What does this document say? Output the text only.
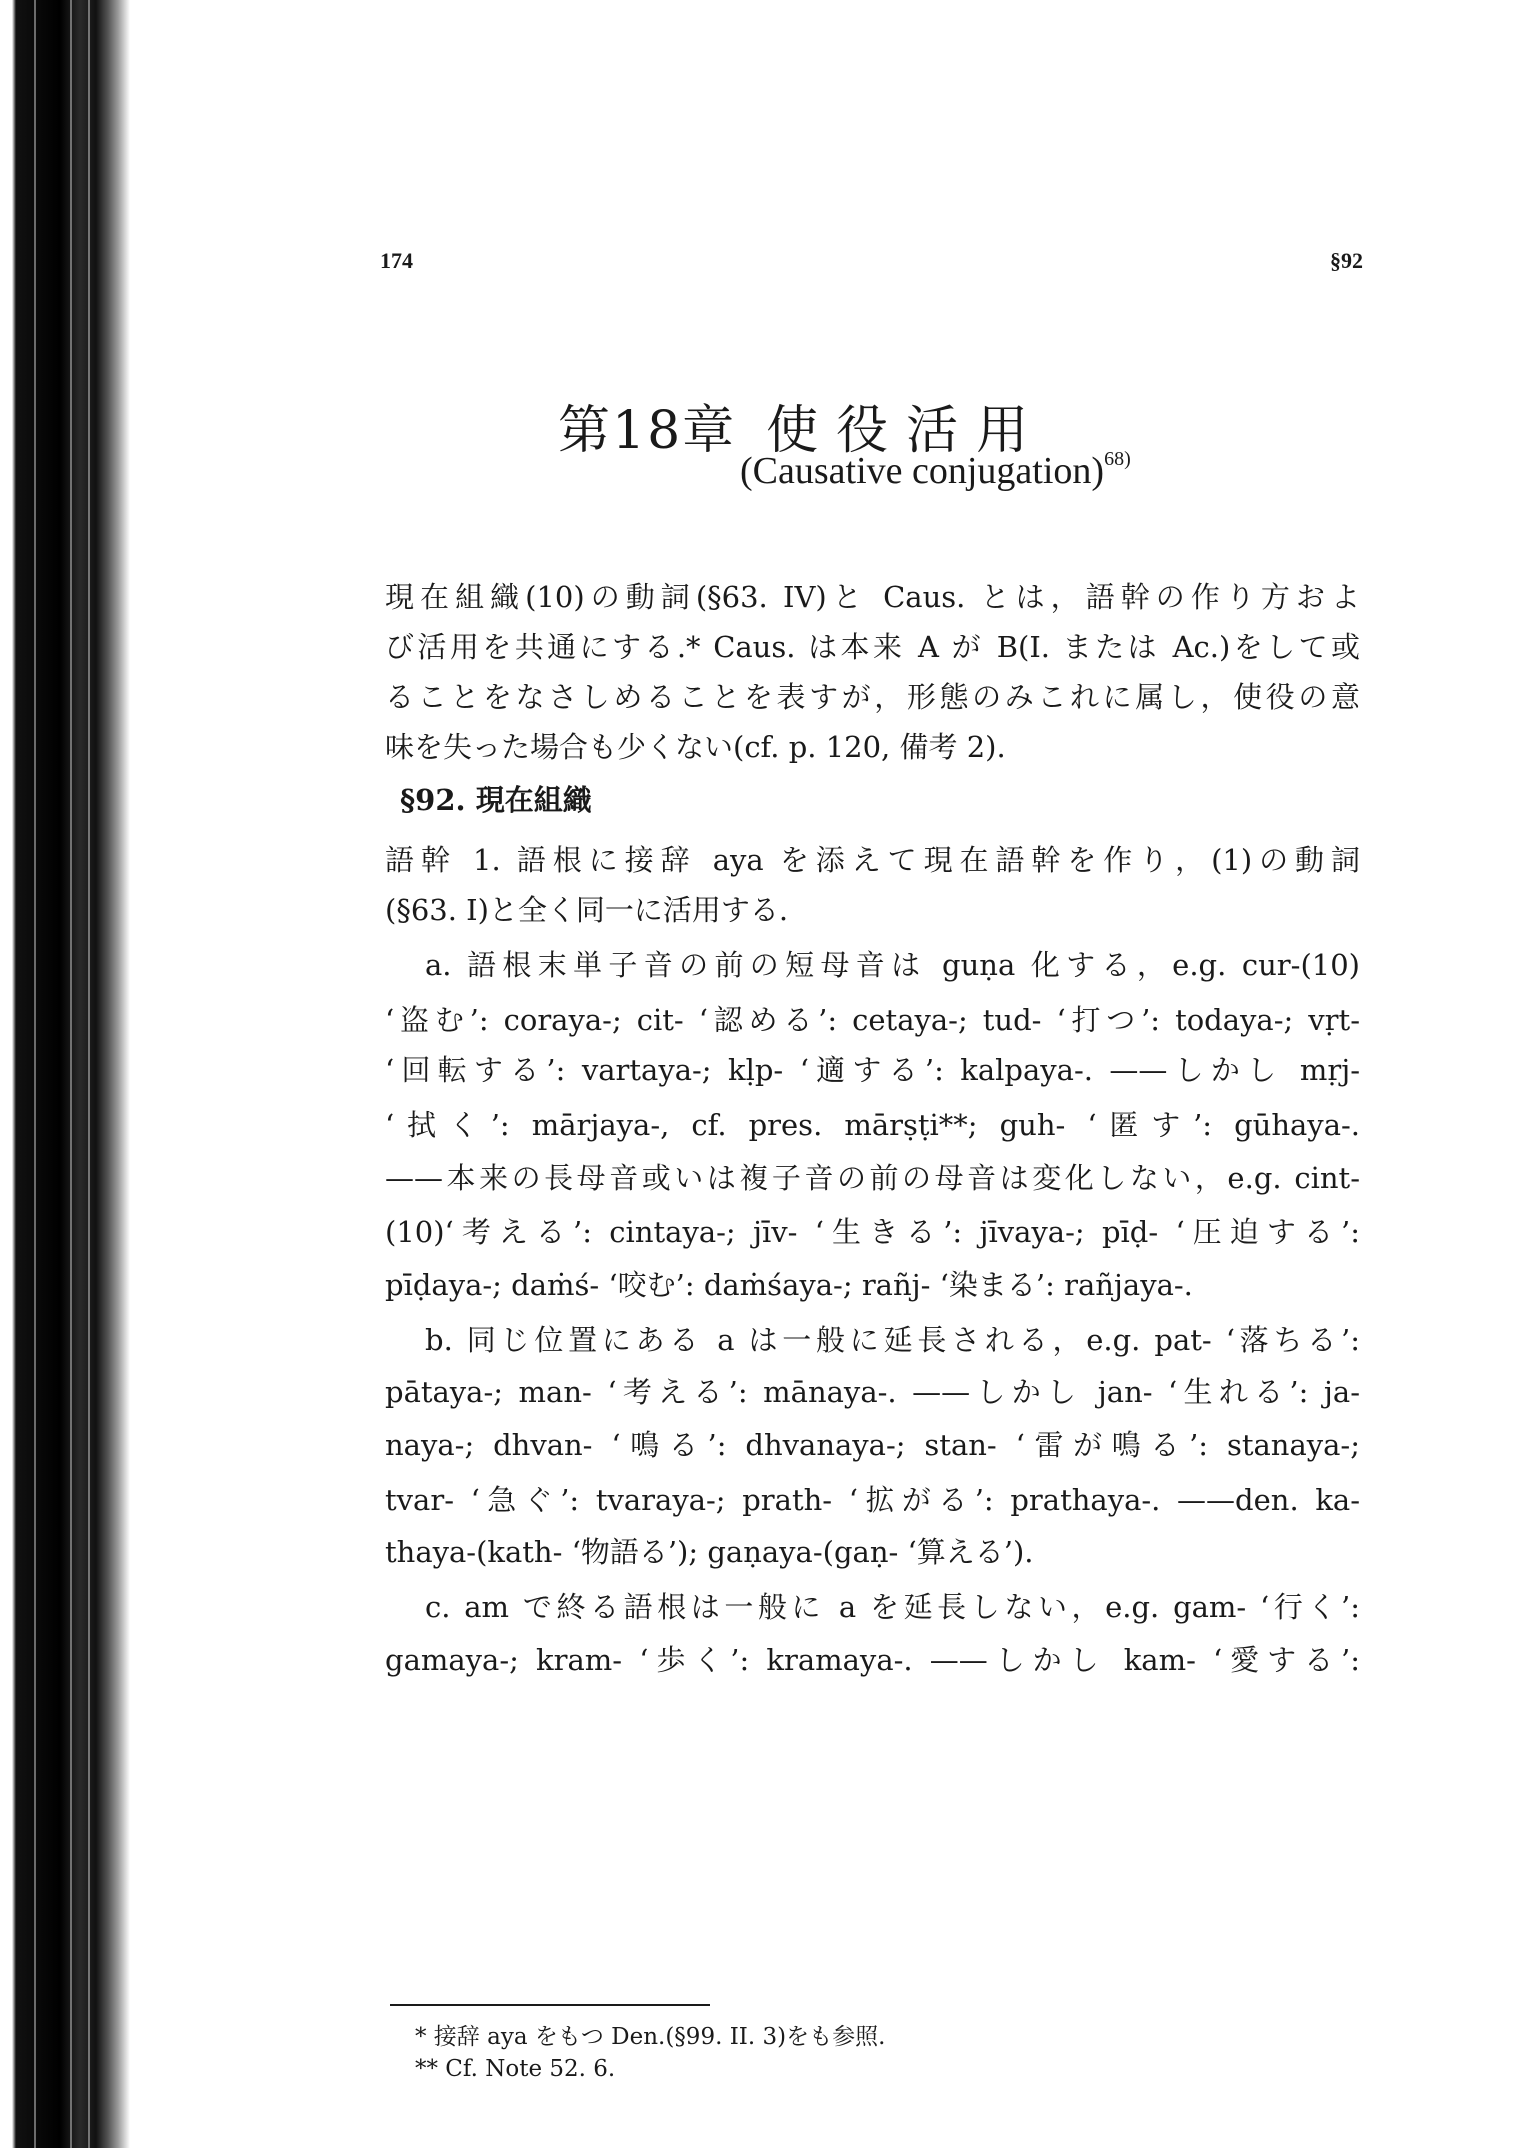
174	§92
第18章 使役活用
(Causative conjugation)$^{68)}$
現在組織(10)の動詞(§63. IV)と Caus. とは，語幹の作り方およ
び活用を共通にする.* Caus. は本来 A が B(I. または Ac.)をして或
ることをなさしめることを表すが，形態のみこれに属し，使役の意
味を失った場合も少くない(cf. p. 120, 備考 2).
§92. 現在組織
語幹 1. 語根に接辞 aya を添えて現在語幹を作り，(1)の動詞
(§63. I)と全く同一に活用する.
a. 語根末単子音の前の短母音は guṇa 化する，e.g. cur-(10)
‘盗む’: coraya-; cit- ‘認める’: cetaya-; tud- ‘打つ’: todaya-; vṛt-
‘回転する’: vartaya-; kḷp- ‘適する’: kalpaya-. ——しかし mṛj-
‘拭く’: mārjaya-, cf. pres. mārṣṭi**; guh- ‘匿す’: gūhaya-.
——本来の長母音或いは複子音の前の母音は変化しない，e.g. cint-
(10)‘考える’: cintaya-; jīv- ‘生きる’: jīvaya-; pīḍ- ‘圧迫する’:
pīḍaya-; daṁś- ‘咬む’: daṁśaya-; rañj- ‘染まる’: rañjaya-.
b. 同じ位置にある a は一般に延長される，e.g. pat- ‘落ちる’:
pātaya-; man- ‘考える’: mānaya-. ——しかし jan- ‘生れる’: ja-
naya-; dhvan- ‘鳴る’: dhvanaya-; stan- ‘雷が鳴る’: stanaya-;
tvar- ‘急ぐ’: tvaraya-; prath- ‘拡がる’: prathaya-. ——den. ka-
thaya-(kath- ‘物語る’); gaṇaya-(gaṇ- ‘算える’).
c. am で終る語根は一般に a を延長しない，e.g. gam- ‘行く’:
gamaya-; kram- ‘歩く’: kramaya-. ——しかし kam- ‘愛する’:
* 接辞 aya をもつ Den.(§99. II. 3)をも参照.
** Cf. Note 52. 6.
